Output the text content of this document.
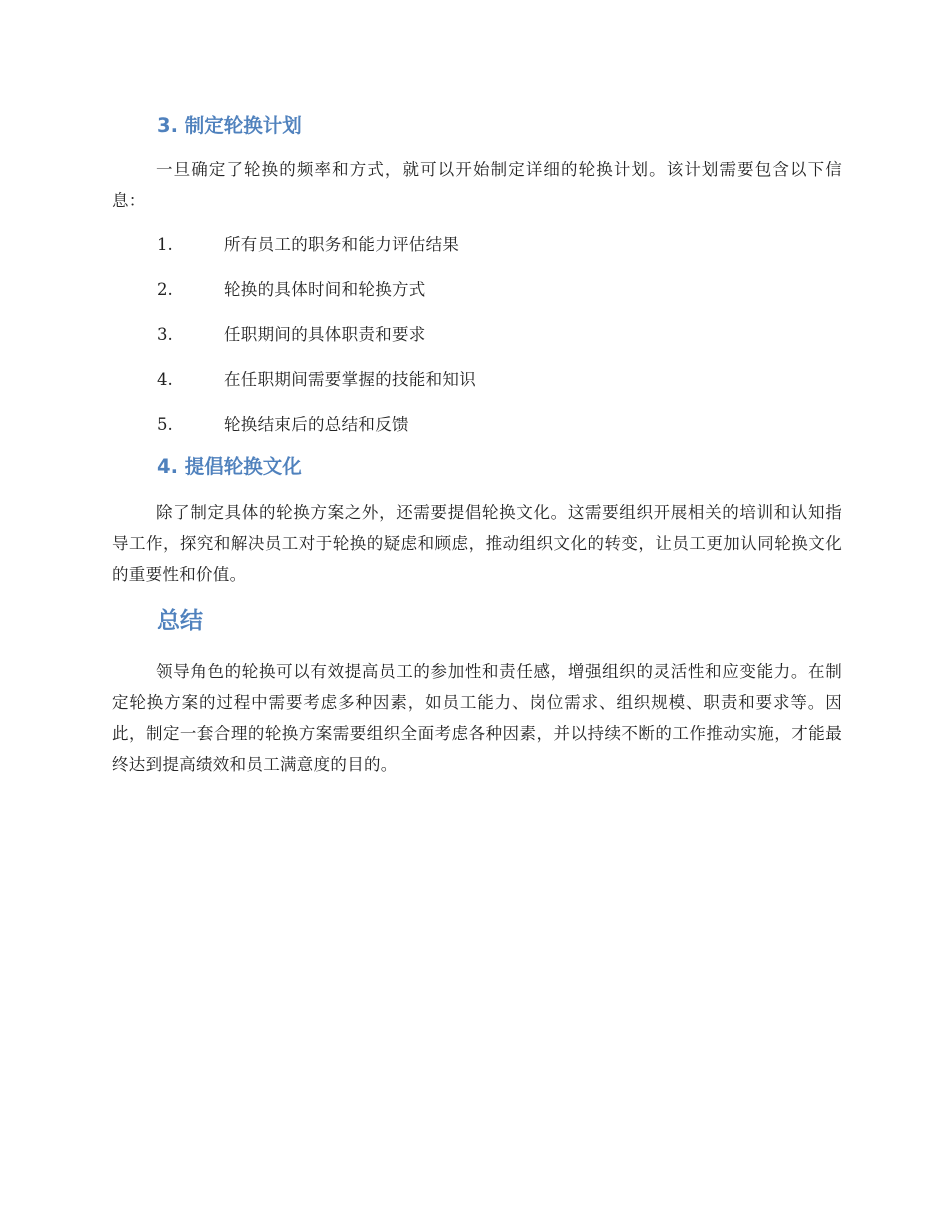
3. 制定轮换计划

一旦确定了轮换的频率和方式，就可以开始制定详细的轮换计划。该计划需要包含以下信息：

1.	所有员工的职务和能力评估结果
2.	轮换的具体时间和轮换方式
3.	任职期间的具体职责和要求
4.	在任职期间需要掌握的技能和知识
5.	轮换结束后的总结和反馈
4. 提倡轮换文化

除了制定具体的轮换方案之外，还需要提倡轮换文化。这需要组织开展相关的培训和认知指导工作，探究和解决员工对于轮换的疑虑和顾虑，推动组织文化的转变，让员工更加认同轮换文化的重要性和价值。

总结

领导角色的轮换可以有效提高员工的参加性和责任感，增强组织的灵活性和应变能力。在制定轮换方案的过程中需要考虑多种因素，如员工能力、岗位需求、组织规模、职责和要求等。因此，制定一套合理的轮换方案需要组织全面考虑各种因素，并以持续不断的工作推动实施，才能最终达到提高绩效和员工满意度的目的。
